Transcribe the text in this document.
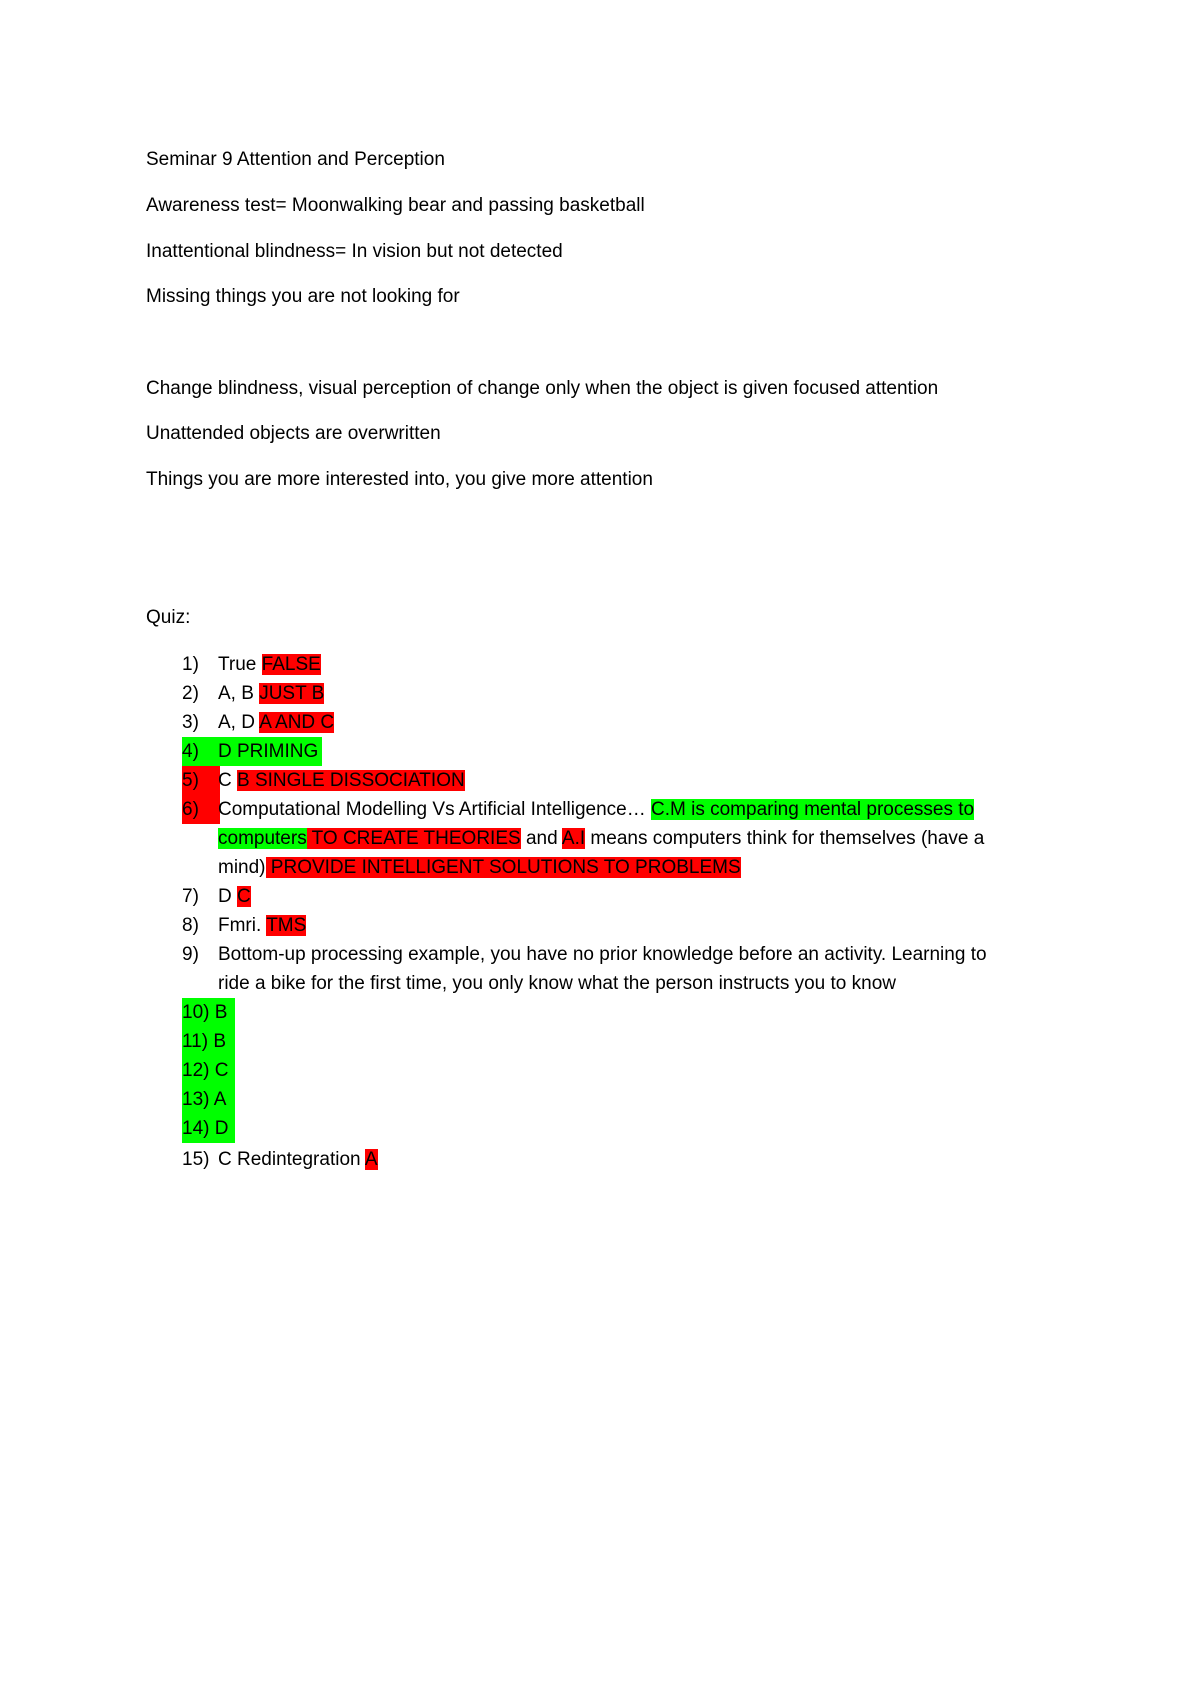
Seminar 9 Attention and Perception
Awareness test= Moonwalking bear and passing basketball
Inattentional blindness= In vision but not detected
Missing things you are not looking for
Change blindness, visual perception of change only when the object is given focused attention
Unattended objects are overwritten
Things you are more interested into, you give more attention
Quiz:
1) True FALSE
2) A, B JUST B
3) A, D A AND C
4)	D PRIMING
5)	C B SINGLE DISSOCIATION
6)	Computational Modelling Vs Artificial Intelligence… C.M is comparing mental processes to
computers TO CREATE THEORIES and A.I means computers think for themselves (have a
mind) PROVIDE INTELLIGENT SOLUTIONS TO PROBLEMS
7) D C
8) Fmri. TMS
9) Bottom-up processing example, you have no prior knowledge before an activity. Learning to
ride a bike for the first time, you only know what the person instructs you to know
10) B
11) B
12) C
13) A
14) D
15) C Redintegration A
